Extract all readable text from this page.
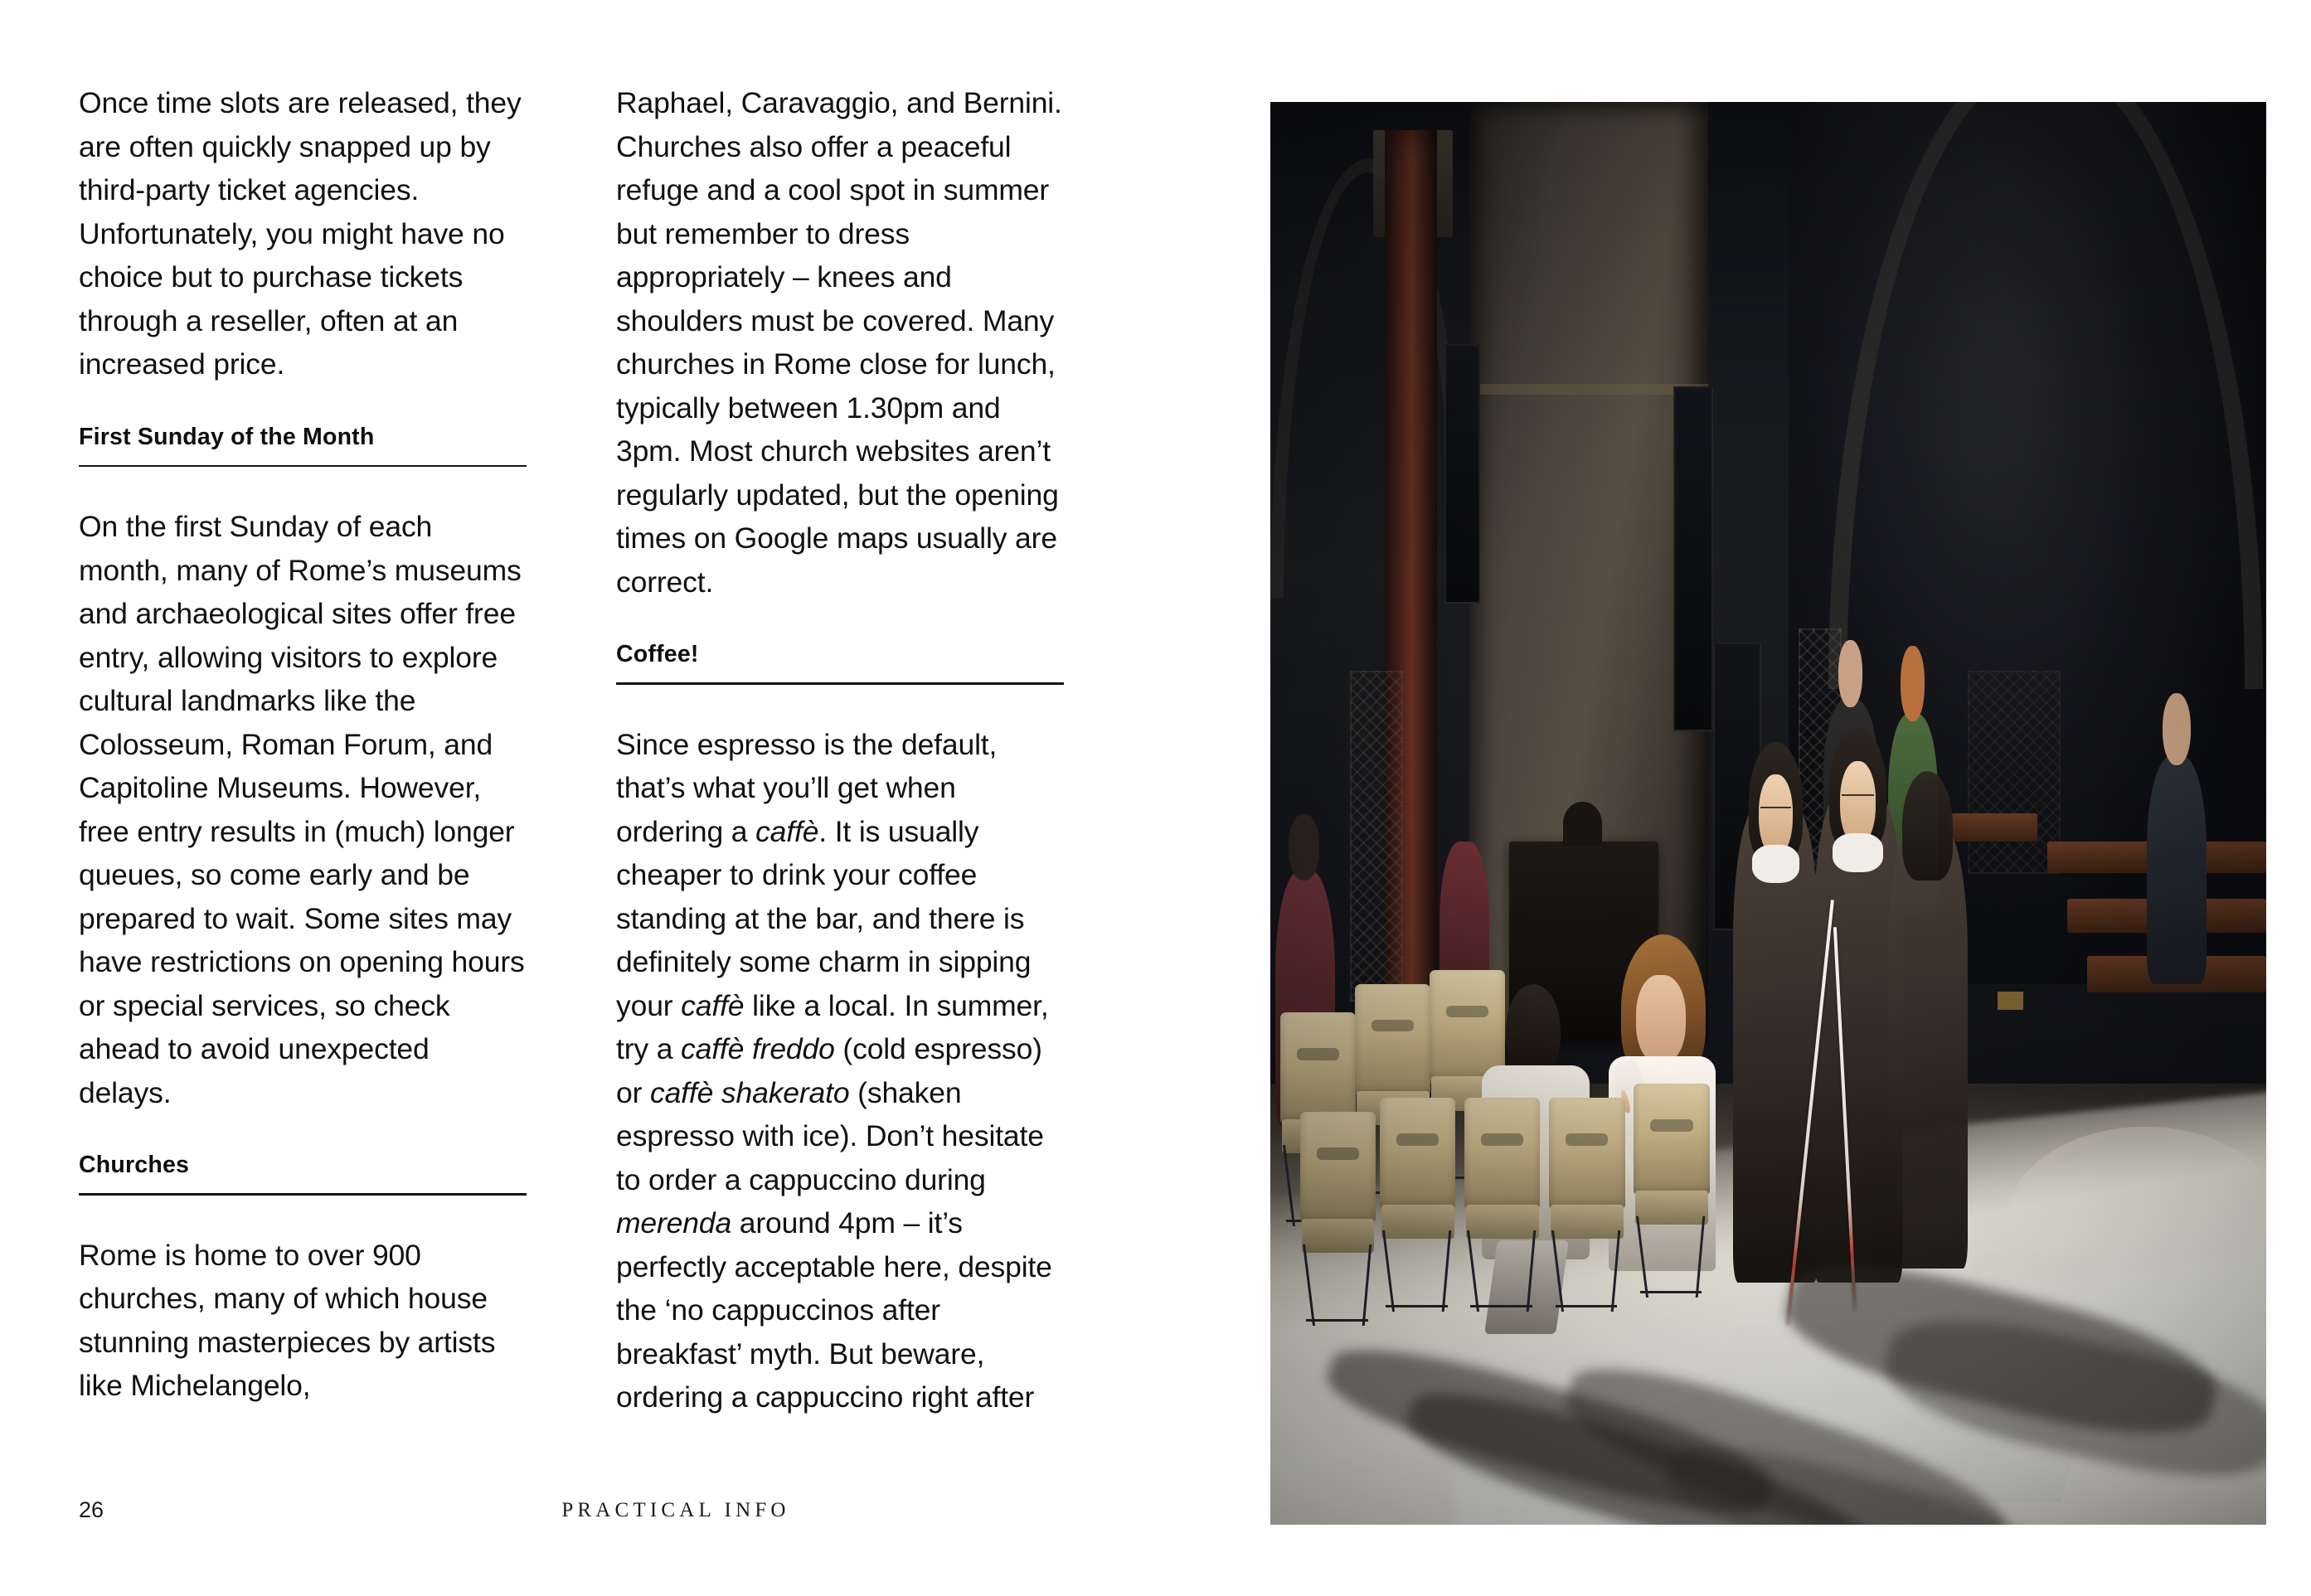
Once time slots are released, they are often quickly snapped up by third-party ticket agencies. Unfortunately, you might have no choice but to purchase tickets through a reseller, often at an increased price.

First Sunday of the Month

On the first Sunday of each month, many of Rome’s museums and archaeological sites offer free entry, allowing visitors to explore cultural landmarks like the Colosseum, Roman Forum, and Capitoline Museums. However, free entry results in (much) longer queues, so come early and be prepared to wait. Some sites may have restrictions on opening hours or special services, so check ahead to avoid unexpected delays.

Churches

Rome is home to over 900 churches, many of which house stunning masterpieces by artists like Michelangelo,

Raphael, Caravaggio, and Bernini. Churches also offer a peaceful refuge and a cool spot in summer but remember to dress appropriately – knees and shoulders must be covered. Many churches in Rome close for lunch, typically between 1.30pm and 3pm. Most church websites aren’t regularly updated, but the opening times on Google maps usually are correct.

Coffee!

Since espresso is the default, that’s what you’ll get when ordering a caffè. It is usually cheaper to drink your coffee standing at the bar, and there is definitely some charm in sipping your caffè like a local. In summer, try a caffè freddo (cold espresso) or caffè shakerato (shaken espresso with ice). Don’t hesitate to order a cappuccino during merenda around 4pm – it’s perfectly acceptable here, despite the ‘no cappuccinos after breakfast’ myth. But beware, ordering a cappuccino right after

26	PRACTICAL INFO
